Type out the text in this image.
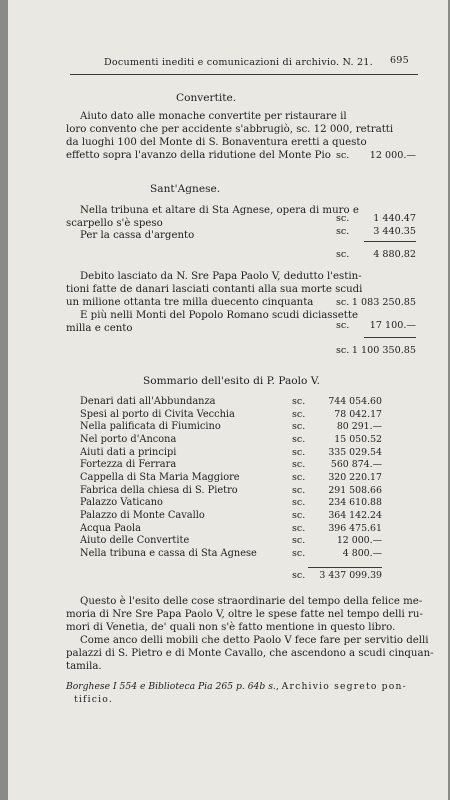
Documenti inediti e comunicazioni di archivio. N. 21. 695
Convertite.
Aiuto dato alle monache convertite per ristaurare il
loro convento che per accidente s'abbrugiò, sc. 12 000, retratti
da luoghi 100 del Monte di S. Bonaventura eretti a questo
effetto sopra l'avanzo della ridutione del Monte Pio sc. 12 000.—
Sant'Agnese.
Nella tribuna et altare di Sta Agnese, opera di muro e
scarpello s'è speso	sc. 1 440.47
Per la cassa d'argento	sc. 3 440.35
sc. 4 880.82
Debito lasciato da N. Sre Papa Paolo V, dedutto l'estin-
tioni fatte de danari lasciati contanti alla sua morte scudi
un milione ottanta tre milla duecento cinquanta sc. 1 083 250.85
E più nelli Monti del Popolo Romano scudi diciassette
milla e cento	sc. 17 100.—
sc. 1 100 350.85
Sommario dell'esito di P. Paolo V.
Denari dati all'Abbundanza	sc. 744 054.60
Spesi al porto di Civita Vecchia	sc.	78 042.17
Nella palificata di Fiumicino	sc.	80 291.—
Nel porto d'Ancona	sc.	15 050.52
Aiuti dati a principi	sc. 335 029.54
Fortezza di Ferrara	sc.	560 874.—
Cappella di Sta Maria Maggiore	sc. 320 220.17
Fabrica della chiesa di S. Pietro	sc. 291 508.66
Palazzo Vaticano	sc. 234 610.88
Palazzo di Monte Cavallo	sc. 364 142.24
Acqua Paola	sc. 396 475.61
Aiuto delle Convertite	sc.	12 000.—
Nella tribuna e cassa di Sta Agnese	sc.	4 800.—
sc. 3 437 099.39
Questo è l'esito delle cose straordinarie del tempo della felice me-
moria di Nre Sre Papa Paolo V, oltre le spese fatte nel tempo delli ru-
mori di Venetia, de' quali non s'è fatto mentione in questo libro.
Come anco delli mobili che detto Paolo V fece fare per servitio delli
palazzi di S. Pietro e di Monte Cavallo, che ascendono a scudi cinquan-
tamila.
Borghese I 554 e Biblioteca Pia 265 p. 64b s., Archivio segreto pon-
tificio.
